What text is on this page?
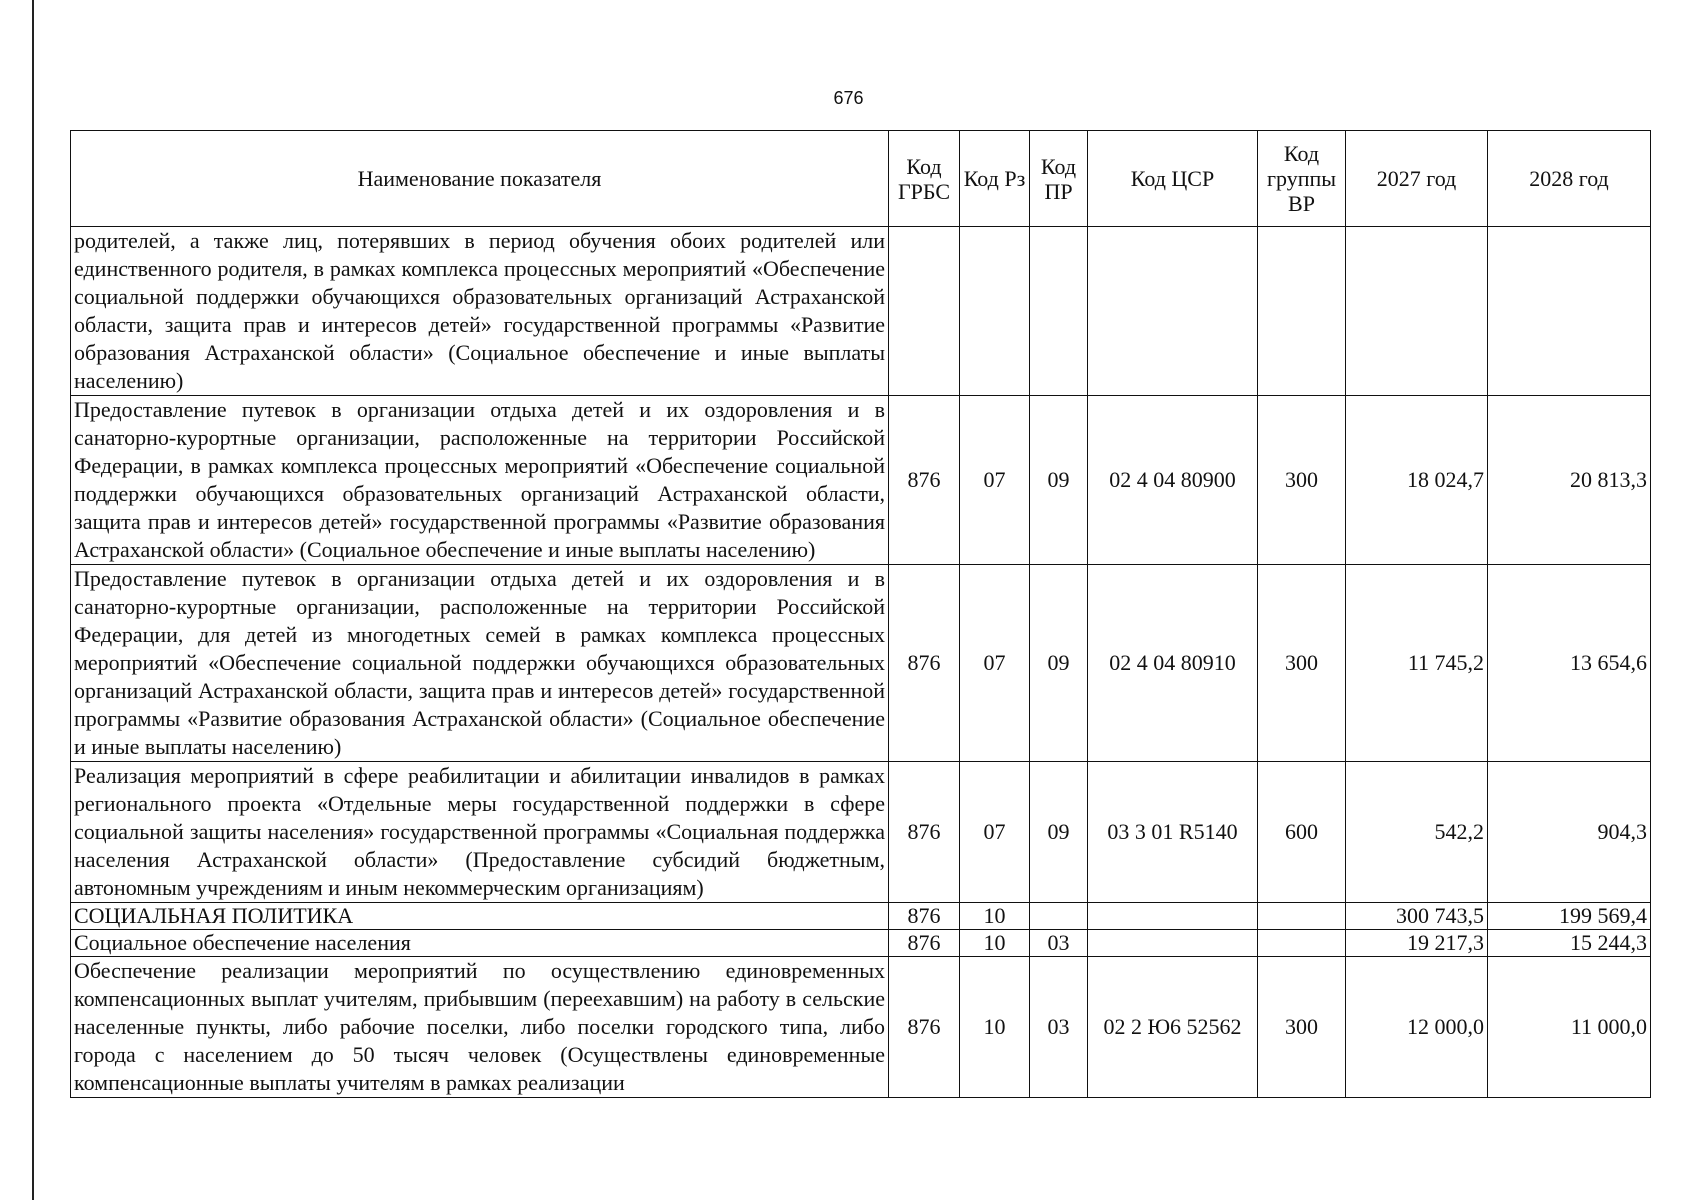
676
Наименование показателя	Код ГРБС	Код Рз	Код ПР	Код ЦСР	Код группы ВР	2027 год	2028 год
родителей, а также лиц, потерявших в период обучения обоих родителей или единственного родителя, в рамках комплекса процессных мероприятий «Обеспечение социальной поддержки обучающихся образовательных организаций Астраханской области, защита прав и интересов детей» государственной программы «Развитие образования Астраханской области» (Социальное обеспечение и иные выплаты населению)							
Предоставление путевок в организации отдыха детей и их оздоровления и в санаторно-курортные организации, расположенные на территории Российской Федерации, в рамках комплекса процессных мероприятий «Обеспечение социальной поддержки обучающихся образовательных организаций Астраханской области, защита прав и интересов детей» государственной программы «Развитие образования Астраханской области» (Социальное обеспечение и иные выплаты населению)	876	07	09	02 4 04 80900	300	18 024,7	20 813,3
Предоставление путевок в организации отдыха детей и их оздоровления и в санаторно-курортные организации, расположенные на территории Российской Федерации, для детей из многодетных семей в рамках комплекса процессных мероприятий «Обеспечение социальной поддержки обучающихся образовательных организаций Астраханской области, защита прав и интересов детей» государственной программы «Развитие образования Астраханской области» (Социальное обеспечение и иные выплаты населению)	876	07	09	02 4 04 80910	300	11 745,2	13 654,6
Реализация мероприятий в сфере реабилитации и абилитации инвалидов в рамках регионального проекта «Отдельные меры государственной поддержки в сфере социальной защиты населения» государственной программы «Социальная поддержка населения Астраханской области» (Предоставление субсидий бюджетным, автономным учреждениям и иным некоммерческим организациям)	876	07	09	03 3 01 R5140	600	542,2	904,3
СОЦИАЛЬНАЯ ПОЛИТИКА	876	10				300 743,5	199 569,4
Социальное обеспечение населения	876	10	03			19 217,3	15 244,3
Обеспечение реализации мероприятий по осуществлению единовременных компенсационных выплат учителям, прибывшим (переехавшим) на работу в сельские населенные пункты, либо рабочие поселки, либо поселки городского типа, либо города с населением до 50 тысяч человек (Осуществлены единовременные компенсационные выплаты учителям в рамках реализации	876	10	03	02 2 Ю6 52562	300	12 000,0	11 000,0
